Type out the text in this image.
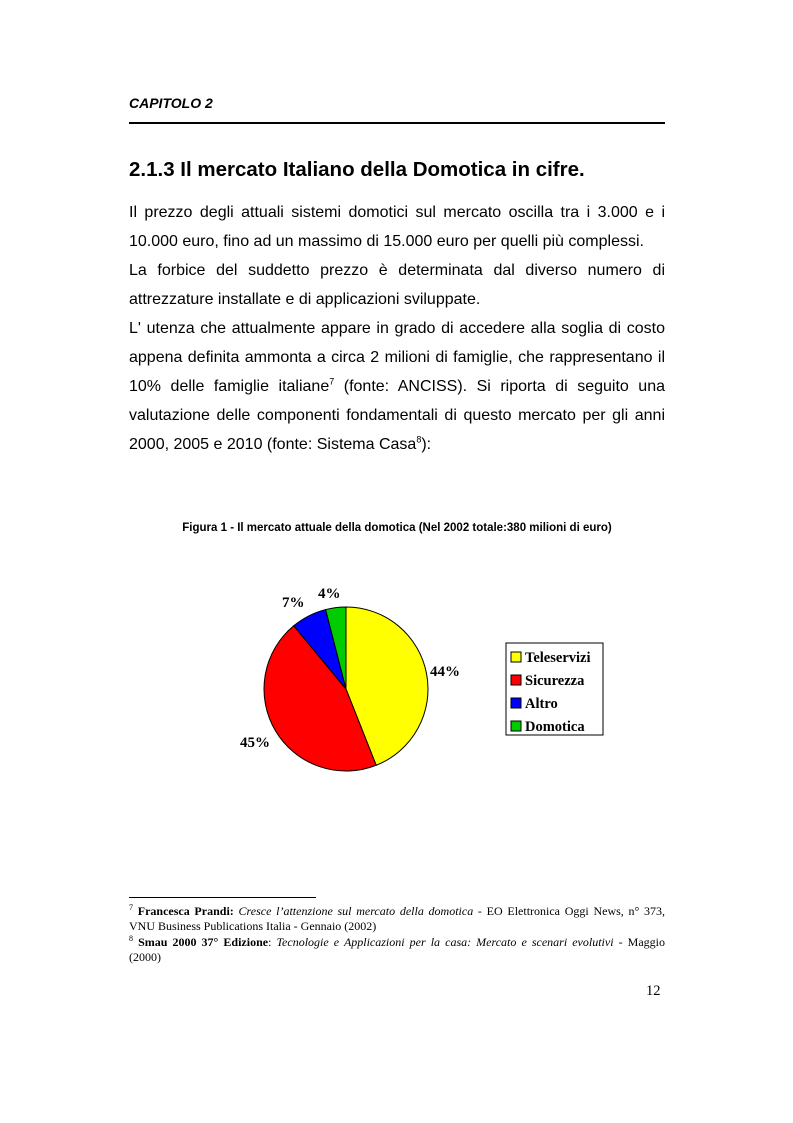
CAPITOLO 2
2.1.3 Il mercato Italiano della Domotica in cifre.

Il prezzo degli attuali sistemi domotici sul mercato oscilla tra i 3.000 e i 10.000 euro, fino ad un massimo di 15.000 euro per quelli più complessi.

La forbice del suddetto prezzo è determinata dal diverso numero di attrezzature installate e di applicazioni sviluppate.

L' utenza che attualmente appare in grado di accedere alla soglia di costo appena definita ammonta a circa 2 milioni di famiglie, che rappresentano il 10% delle famiglie italiane$^7$ (fonte: ANCISS). Si riporta di seguito una valutazione delle componenti fondamentali di questo mercato per gli anni 2000, 2005 e 2010 (fonte: Sistema Casa$^8$):

Figura 1 - Il mercato attuale della domotica (Nel 2002 totale:380 milioni di euro)
44%
45%
7%
4%
Teleservizi
Sicurezza
Altro
Domotica

$^7$ Francesca Prandi: Cresce l’attenzione sul mercato della domotica - EO Elettronica Oggi News, n° 373, VNU Business Publications Italia - Gennaio (2002)

$^8$ Smau 2000 37° Edizione: Tecnologie e Applicazioni per la casa: Mercato e scenari evolutivi - Maggio (2000)

12
